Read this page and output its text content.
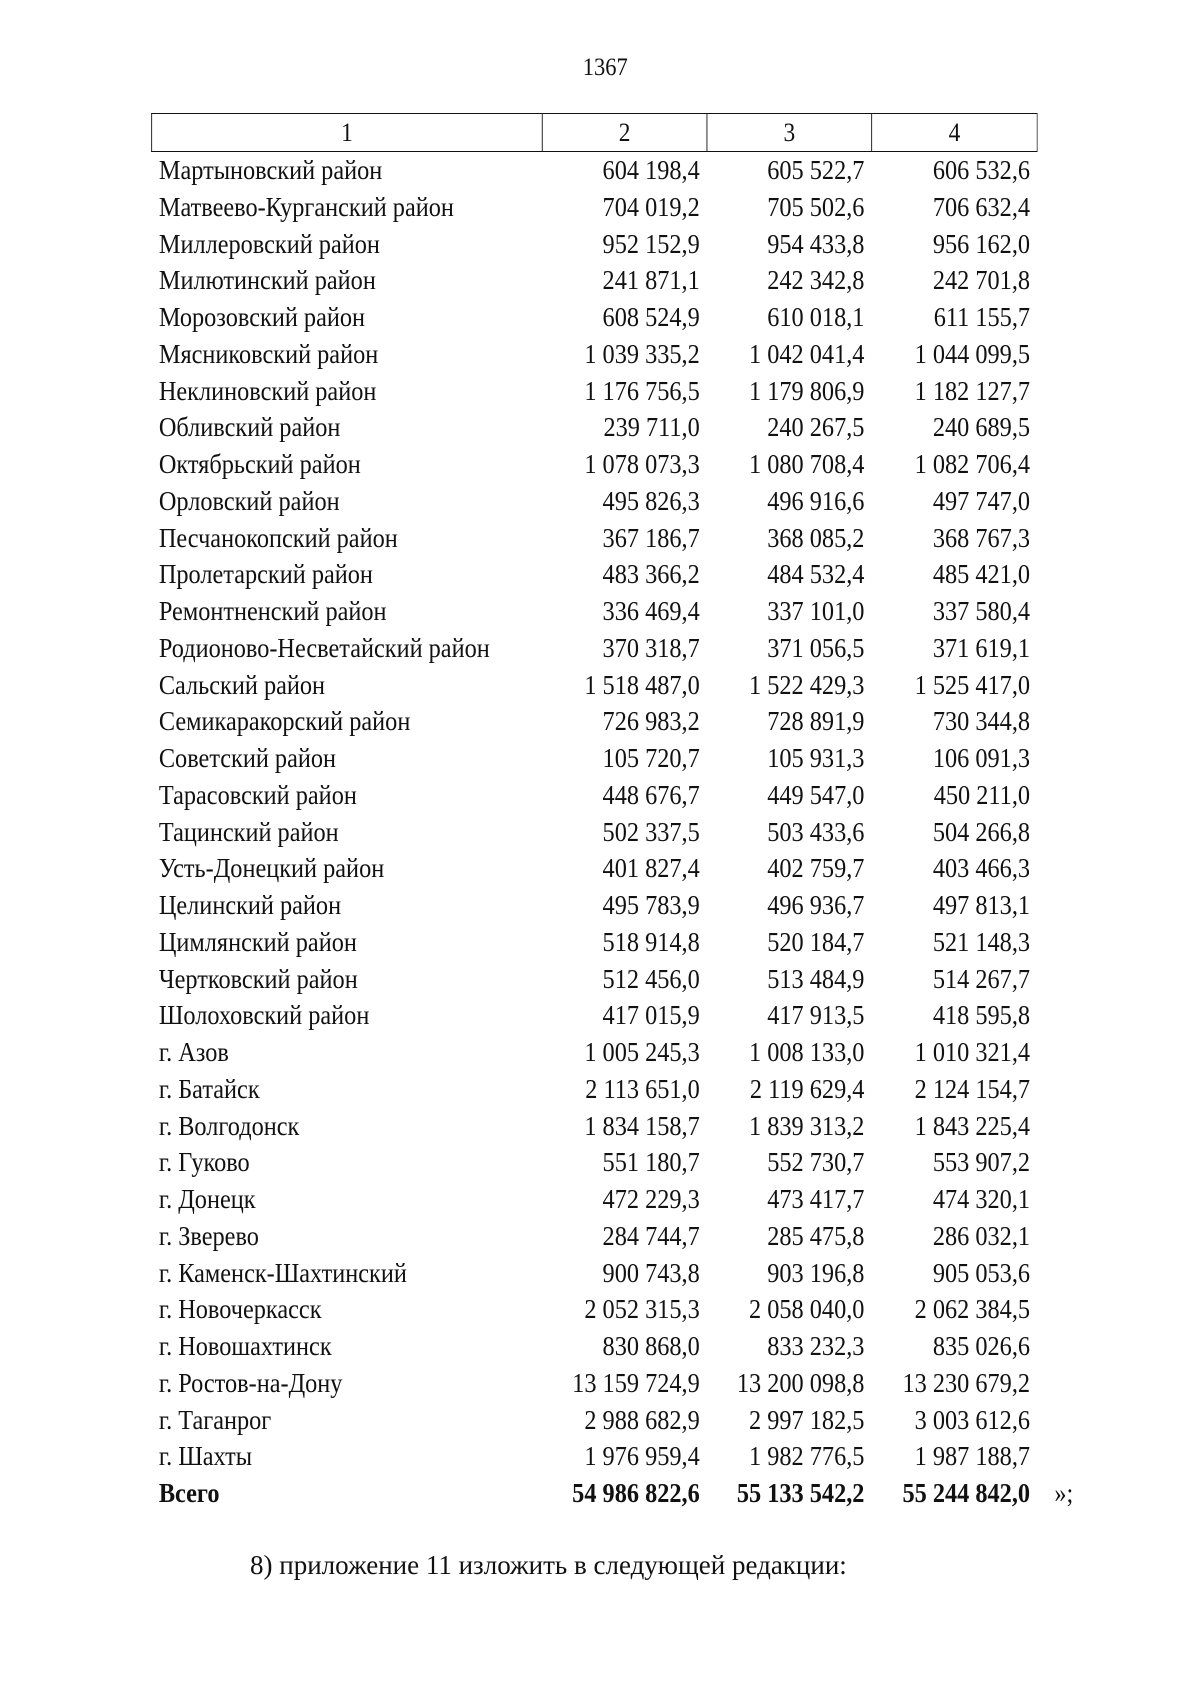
1367
1	2	3	4
Мартыновский район	604 198,4	605 522,7	606 532,6
Матвеево-Курганский район	704 019,2	705 502,6	706 632,4
Миллеровский район	952 152,9	954 433,8	956 162,0
Милютинский район	241 871,1	242 342,8	242 701,8
Морозовский район	608 524,9	610 018,1	611 155,7
Мясниковский район	1 039 335,2	1 042 041,4	1 044 099,5
Неклиновский район	1 176 756,5	1 179 806,9	1 182 127,7
Обливский район	239 711,0	240 267,5	240 689,5
Октябрьский район	1 078 073,3	1 080 708,4	1 082 706,4
Орловский район	495 826,3	496 916,6	497 747,0
Песчанокопский район	367 186,7	368 085,2	368 767,3
Пролетарский район	483 366,2	484 532,4	485 421,0
Ремонтненский район	336 469,4	337 101,0	337 580,4
Родионово-Несветайский район	370 318,7	371 056,5	371 619,1
Сальский район	1 518 487,0	1 522 429,3	1 525 417,0
Семикаракорский район	726 983,2	728 891,9	730 344,8
Советский район	105 720,7	105 931,3	106 091,3
Тарасовский район	448 676,7	449 547,0	450 211,0
Тацинский район	502 337,5	503 433,6	504 266,8
Усть-Донецкий район	401 827,4	402 759,7	403 466,3
Целинский район	495 783,9	496 936,7	497 813,1
Цимлянский район	518 914,8	520 184,7	521 148,3
Чертковский район	512 456,0	513 484,9	514 267,7
Шолоховский район	417 015,9	417 913,5	418 595,8
г. Азов	1 005 245,3	1 008 133,0	1 010 321,4
г. Батайск	2 113 651,0	2 119 629,4	2 124 154,7
г. Волгодонск	1 834 158,7	1 839 313,2	1 843 225,4
г. Гуково	551 180,7	552 730,7	553 907,2
г. Донецк	472 229,3	473 417,7	474 320,1
г. Зверево	284 744,7	285 475,8	286 032,1
г. Каменск-Шахтинский	900 743,8	903 196,8	905 053,6
г. Новочеркасск	2 052 315,3	2 058 040,0	2 062 384,5
г. Новошахтинск	830 868,0	833 232,3	835 026,6
г. Ростов-на-Дону	13 159 724,9	13 200 098,8	13 230 679,2
г. Таганрог	2 988 682,9	2 997 182,5	3 003 612,6
г. Шахты	1 976 959,4	1 982 776,5	1 987 188,7
Всего	54 986 822,6	55 133 542,2	55 244 842,0 »;
8) приложение 11 изложить в следующей редакции:
